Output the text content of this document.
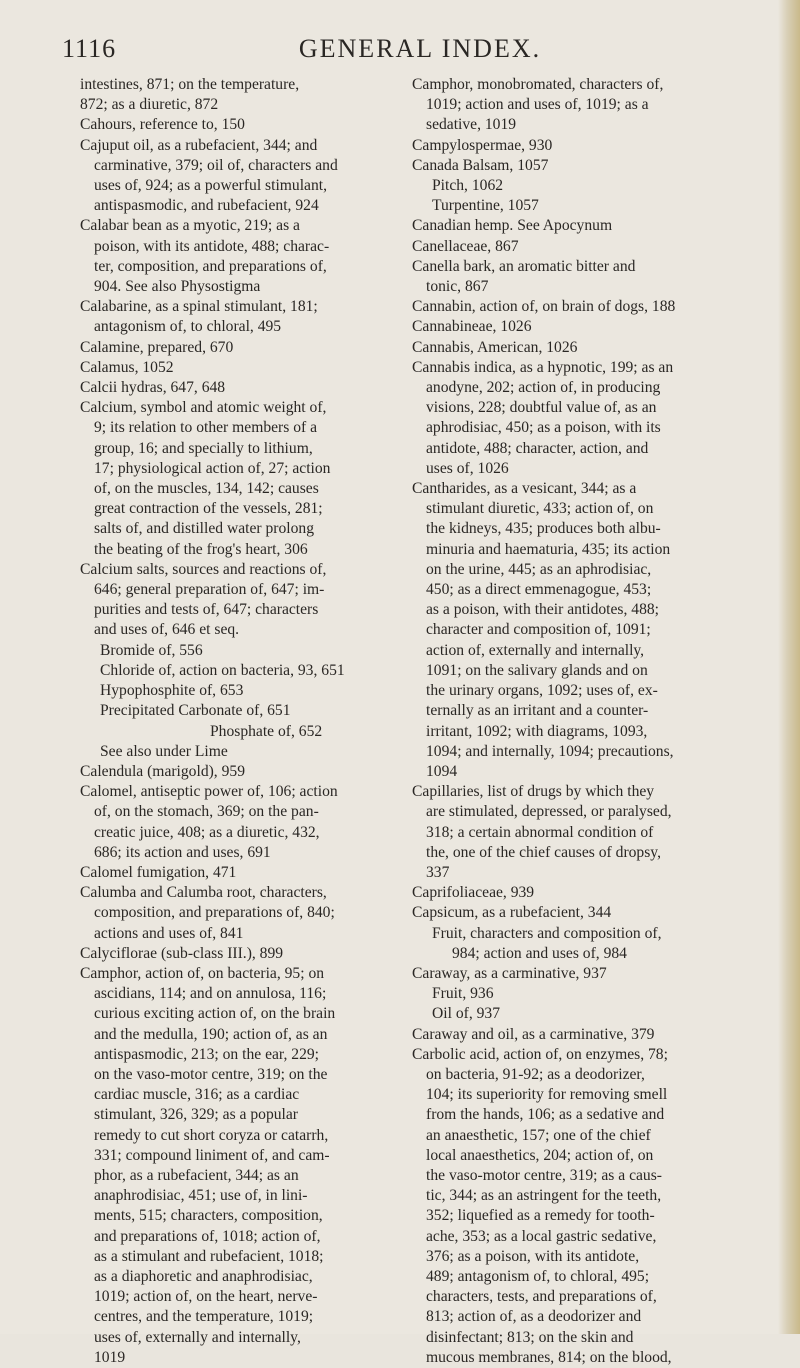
1116	GENERAL INDEX.
intestines, 871; on the temperature,
872; as a diuretic, 872
Cahours, reference to, 150
Cajuput oil, as a rubefacient, 344; and
carminative, 379; oil of, characters and
uses of, 924; as a powerful stimulant,
antispasmodic, and rubefacient, 924
Calabar bean as a myotic, 219; as a
poison, with its antidote, 488; charac-
ter, composition, and preparations of,
904. See also Physostigma
Calabarine, as a spinal stimulant, 181;
antagonism of, to chloral, 495
Calamine, prepared, 670
Calamus, 1052
Calcii hydras, 647, 648
Calcium, symbol and atomic weight of,
9; its relation to other members of a
group, 16; and specially to lithium,
17; physiological action of, 27; action
of, on the muscles, 134, 142; causes
great contraction of the vessels, 281;
salts of, and distilled water prolong
the beating of the frog's heart, 306
Calcium salts, sources and reactions of,
646; general preparation of, 647; im-
purities and tests of, 647; characters
and uses of, 646 et seq.
Bromide of, 556
Chloride of, action on bacteria, 93, 651
Hypophosphite of, 653
Precipitated Carbonate of, 651
Phosphate of, 652
See also under Lime
Calendula (marigold), 959
Calomel, antiseptic power of, 106; action
of, on the stomach, 369; on the pan-
creatic juice, 408; as a diuretic, 432,
686; its action and uses, 691
Calomel fumigation, 471
Calumba and Calumba root, characters,
composition, and preparations of, 840;
actions and uses of, 841
Calyciflorae (sub-class III.), 899
Camphor, action of, on bacteria, 95; on
ascidians, 114; and on annulosa, 116;
curious exciting action of, on the brain
and the medulla, 190; action of, as an
antispasmodic, 213; on the ear, 229;
on the vaso-motor centre, 319; on the
cardiac muscle, 316; as a cardiac
stimulant, 326, 329; as a popular
remedy to cut short coryza or catarrh,
331; compound liniment of, and cam-
phor, as a rubefacient, 344; as an
anaphrodisiac, 451; use of, in lini-
ments, 515; characters, composition,
and preparations of, 1018; action of,
as a stimulant and rubefacient, 1018;
as a diaphoretic and anaphrodisiac,
1019; action of, on the heart, nerve-
centres, and the temperature, 1019;
uses of, externally and internally,
1019
Camphor, monobromated, characters of,
1019; action and uses of, 1019; as a
sedative, 1019
Campylospermae, 930
Canada Balsam, 1057
Pitch, 1062
Turpentine, 1057
Canadian hemp. See Apocynum
Canellaceae, 867
Canella bark, an aromatic bitter and
tonic, 867
Cannabin, action of, on brain of dogs, 188
Cannabineae, 1026
Cannabis, American, 1026
Cannabis indica, as a hypnotic, 199; as an
anodyne, 202; action of, in producing
visions, 228; doubtful value of, as an
aphrodisiac, 450; as a poison, with its
antidote, 488; character, action, and
uses of, 1026
Cantharides, as a vesicant, 344; as a
stimulant diuretic, 433; action of, on
the kidneys, 435; produces both albu-
minuria and haematuria, 435; its action
on the urine, 445; as an aphrodisiac,
450; as a direct emmenagogue, 453;
as a poison, with their antidotes, 488;
character and composition of, 1091;
action of, externally and internally,
1091; on the salivary glands and on
the urinary organs, 1092; uses of, ex-
ternally as an irritant and a counter-
irritant, 1092; with diagrams, 1093,
1094; and internally, 1094; precautions,
1094
Capillaries, list of drugs by which they
are stimulated, depressed, or paralysed,
318; a certain abnormal condition of
the, one of the chief causes of dropsy,
337
Caprifoliaceae, 939
Capsicum, as a rubefacient, 344
Fruit, characters and composition of,
984; action and uses of, 984
Caraway, as a carminative, 937
Fruit, 936
Oil of, 937
Caraway and oil, as a carminative, 379
Carbolic acid, action of, on enzymes, 78;
on bacteria, 91-92; as a deodorizer,
104; its superiority for removing smell
from the hands, 106; as a sedative and
an anaesthetic, 157; one of the chief
local anaesthetics, 204; action of, on
the vaso-motor centre, 319; as a caus-
tic, 344; as an astringent for the teeth,
352; liquefied as a remedy for tooth-
ache, 353; as a local gastric sedative,
376; as a poison, with its antidote,
489; antagonism of, to chloral, 495;
characters, tests, and preparations of,
813; action of, as a deodorizer and
disinfectant; 813; on the skin and
mucous membranes, 814; on the blood,
